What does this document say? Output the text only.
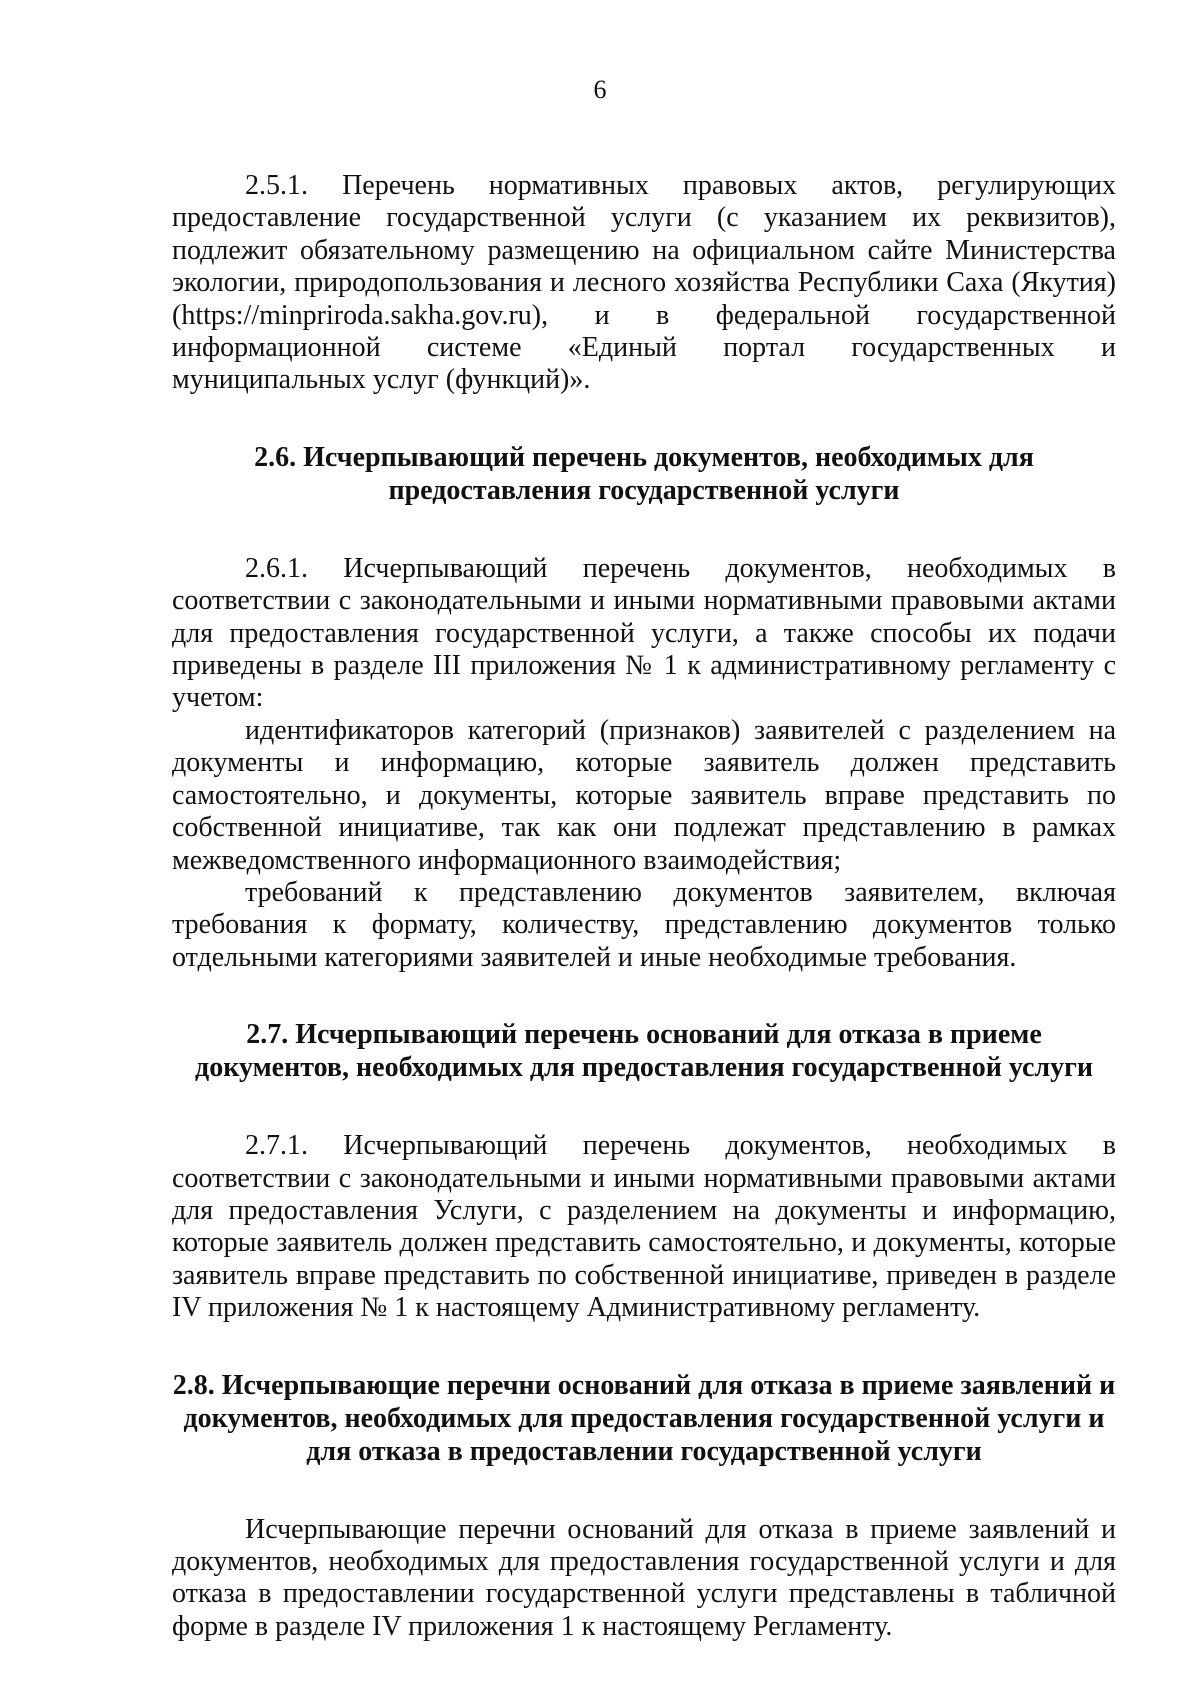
6

2.5.1. Перечень нормативных правовых актов, регулирующих предоставление государственной услуги (с указанием их реквизитов), подлежит обязательному размещению на официальном сайте Министерства экологии, природопользования и лесного хозяйства Республики Саха (Якутия) (https://minpriroda.sakha.gov.ru), и в федеральной государственной информационной системе «Единый портал государственных и муниципальных услуг (функций)».

2.6. Исчерпывающий перечень документов, необходимых для предоставления государственной услуги

2.6.1. Исчерпывающий перечень документов, необходимых в соответствии с законодательными и иными нормативными правовыми актами для предоставления государственной услуги, а также способы их подачи приведены в разделе III приложения № 1 к административному регламенту с учетом:

идентификаторов категорий (признаков) заявителей с разделением на документы и информацию, которые заявитель должен представить самостоятельно, и документы, которые заявитель вправе представить по собственной инициативе, так как они подлежат представлению в рамках межведомственного информационного взаимодействия;

требований к представлению документов заявителем, включая требования к формату, количеству, представлению документов только отдельными категориями заявителей и иные необходимые требования.

2.7. Исчерпывающий перечень оснований для отказа в приеме документов, необходимых для предоставления государственной услуги

2.7.1. Исчерпывающий перечень документов, необходимых в соответствии с законодательными и иными нормативными правовыми актами для предоставления Услуги, с разделением на документы и информацию, которые заявитель должен представить самостоятельно, и документы, которые заявитель вправе представить по собственной инициативе, приведен в разделе IV приложения № 1 к настоящему Административному регламенту.

2.8. Исчерпывающие перечни оснований для отказа в приеме заявлений и документов, необходимых для предоставления государственной услуги и для отказа в предоставлении государственной услуги

Исчерпывающие перечни оснований для отказа в приеме заявлений и документов, необходимых для предоставления государственной услуги и для отказа в предоставлении государственной услуги представлены в табличной форме в разделе IV приложения 1 к настоящему Регламенту.
